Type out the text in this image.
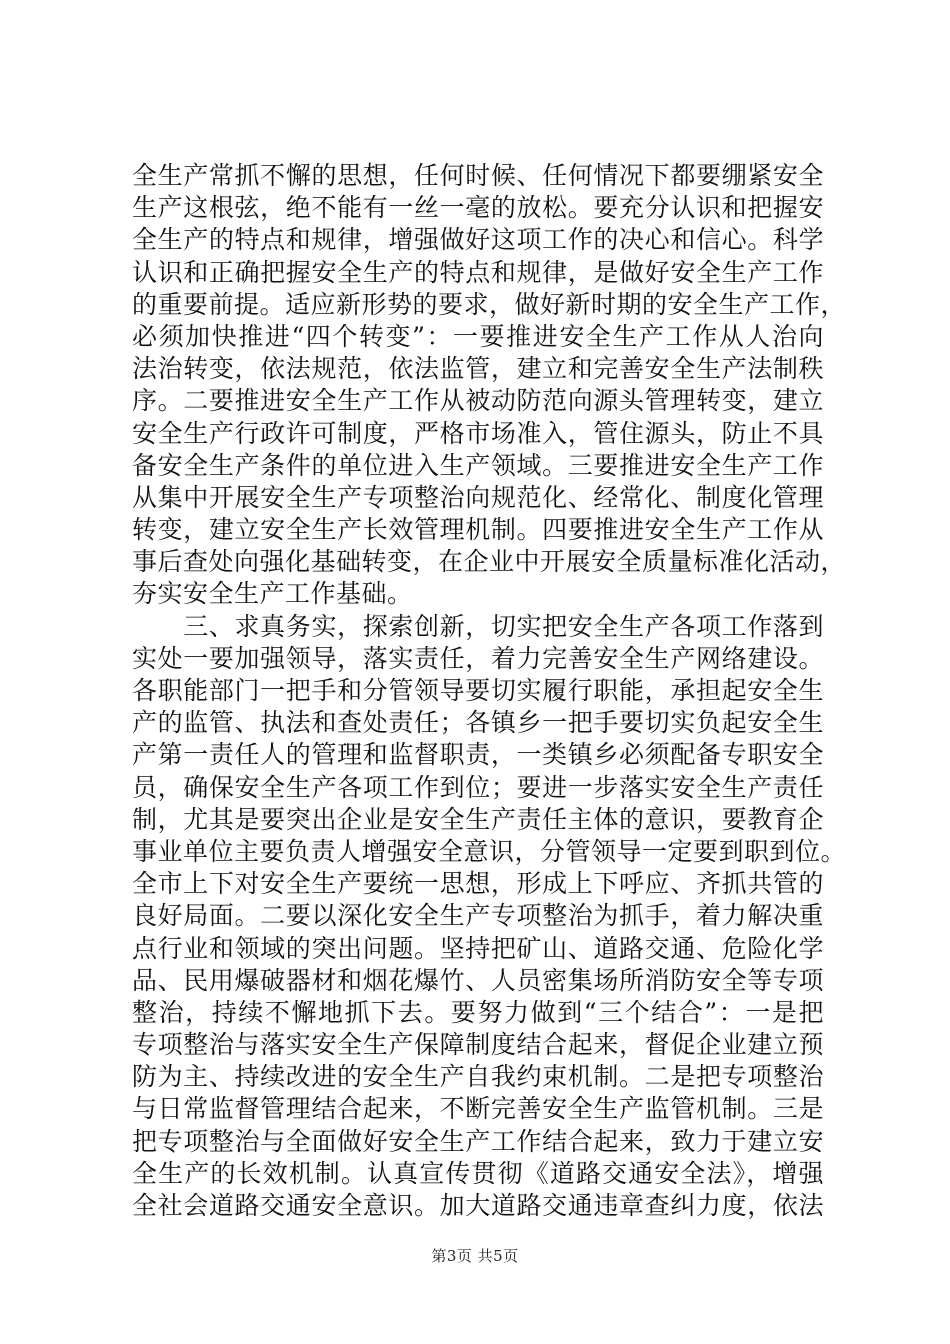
全生产常抓不懈的思想，任何时候、任何情况下都要绷紧安全
生产这根弦，绝不能有一丝一毫的放松。要充分认识和把握安
全生产的特点和规律，增强做好这项工作的决心和信心。科学
认识和正确把握安全生产的特点和规律，是做好安全生产工作
的重要前提。适应新形势的要求，做好新时期的安全生产工作，
必须加快推进“四个转变”：一要推进安全生产工作从人治向
法治转变，依法规范，依法监管，建立和完善安全生产法制秩
序。二要推进安全生产工作从被动防范向源头管理转变，建立
安全生产行政许可制度，严格市场准入，管住源头，防止不具
备安全生产条件的单位进入生产领域。三要推进安全生产工作
从集中开展安全生产专项整治向规范化、经常化、制度化管理
转变，建立安全生产长效管理机制。四要推进安全生产工作从
事后查处向强化基础转变，在企业中开展安全质量标准化活动，
夯实安全生产工作基础。
　　三、求真务实，探索创新，切实把安全生产各项工作落到
实处一要加强领导，落实责任，着力完善安全生产网络建设。
各职能部门一把手和分管领导要切实履行职能，承担起安全生
产的监管、执法和查处责任；各镇乡一把手要切实负起安全生
产第一责任人的管理和监督职责，一类镇乡必须配备专职安全
员，确保安全生产各项工作到位；要进一步落实安全生产责任
制，尤其是要突出企业是安全生产责任主体的意识，要教育企
事业单位主要负责人增强安全意识，分管领导一定要到职到位。
全市上下对安全生产要统一思想，形成上下呼应、齐抓共管的
良好局面。二要以深化安全生产专项整治为抓手，着力解决重
点行业和领域的突出问题。坚持把矿山、道路交通、危险化学
品、民用爆破器材和烟花爆竹、人员密集场所消防安全等专项
整治，持续不懈地抓下去。要努力做到“三个结合”：一是把
专项整治与落实安全生产保障制度结合起来，督促企业建立预
防为主、持续改进的安全生产自我约束机制。二是把专项整治
与日常监督管理结合起来，不断完善安全生产监管机制。三是
把专项整治与全面做好安全生产工作结合起来，致力于建立安
全生产的长效机制。认真宣传贯彻《道路交通安全法》，增强
全社会道路交通安全意识。加大道路交通违章查纠力度，依法
第3页 共5页
